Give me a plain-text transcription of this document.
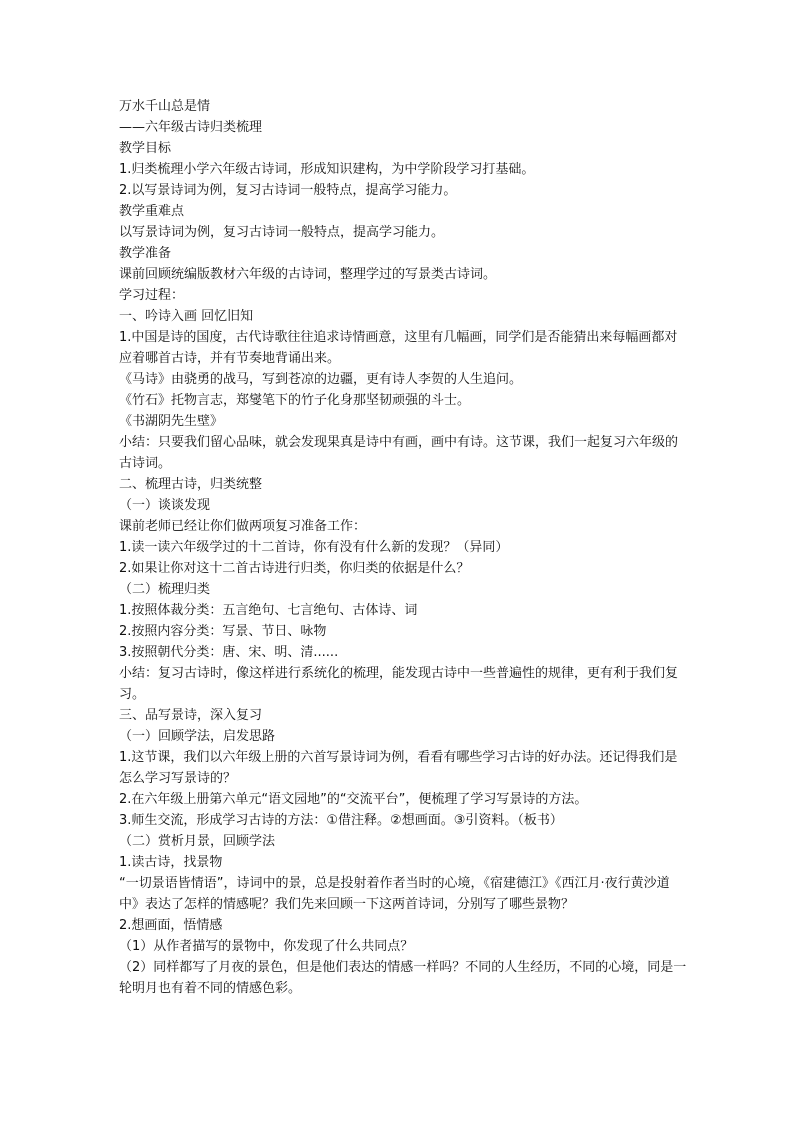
万水千山总是情
——六年级古诗归类梳理
教学目标
1.归类梳理小学六年级古诗词，形成知识建构，为中学阶段学习打基础。
2.以写景诗词为例，复习古诗词一般特点，提高学习能力。
教学重难点
以写景诗词为例，复习古诗词一般特点，提高学习能力。
教学准备
课前回顾统编版教材六年级的古诗词，整理学过的写景类古诗词。
学习过程：
一、吟诗入画 回忆旧知
1.中国是诗的国度，古代诗歌往往追求诗情画意，这里有几幅画，同学们是否能猜出来每幅画都对应着哪首古诗，并有节奏地背诵出来。
《马诗》由骁勇的战马，写到苍凉的边疆，更有诗人李贺的人生追问。
《竹石》托物言志，郑燮笔下的竹子化身那坚韧顽强的斗士。
《书湖阴先生壁》
小结：只要我们留心品味，就会发现果真是诗中有画，画中有诗。这节课，我们一起复习六年级的古诗词。
二、梳理古诗，归类统整
（一）谈谈发现
课前老师已经让你们做两项复习准备工作：
1.读一读六年级学过的十二首诗，你有没有什么新的发现？（异同）
2.如果让你对这十二首古诗进行归类，你归类的依据是什么？
（二）梳理归类
1.按照体裁分类：五言绝句、七言绝句、古体诗、词
2.按照内容分类：写景、节日、咏物
3.按照朝代分类：唐、宋、明、清......
小结：复习古诗时，像这样进行系统化的梳理，能发现古诗中一些普遍性的规律，更有利于我们复习。
三、品写景诗，深入复习
（一）回顾学法，启发思路
1.这节课，我们以六年级上册的六首写景诗词为例，看看有哪些学习古诗的好办法。还记得我们是怎么学习写景诗的？
2.在六年级上册第六单元“语文园地”的“交流平台”，便梳理了学习写景诗的方法。
3.师生交流，形成学习古诗的方法：①借注释。②想画面。③引资料。（板书）
（二）赏析月景，回顾学法
1.读古诗，找景物
“一切景语皆情语”，诗词中的景，总是投射着作者当时的心境，《宿建德江》《西江月·夜行黄沙道中》表达了怎样的情感呢？我们先来回顾一下这两首诗词，分别写了哪些景物？
2.想画面，悟情感
（1）从作者描写的景物中，你发现了什么共同点？
（2）同样都写了月夜的景色，但是他们表达的情感一样吗？不同的人生经历，不同的心境，同是一轮明月也有着不同的情感色彩。
